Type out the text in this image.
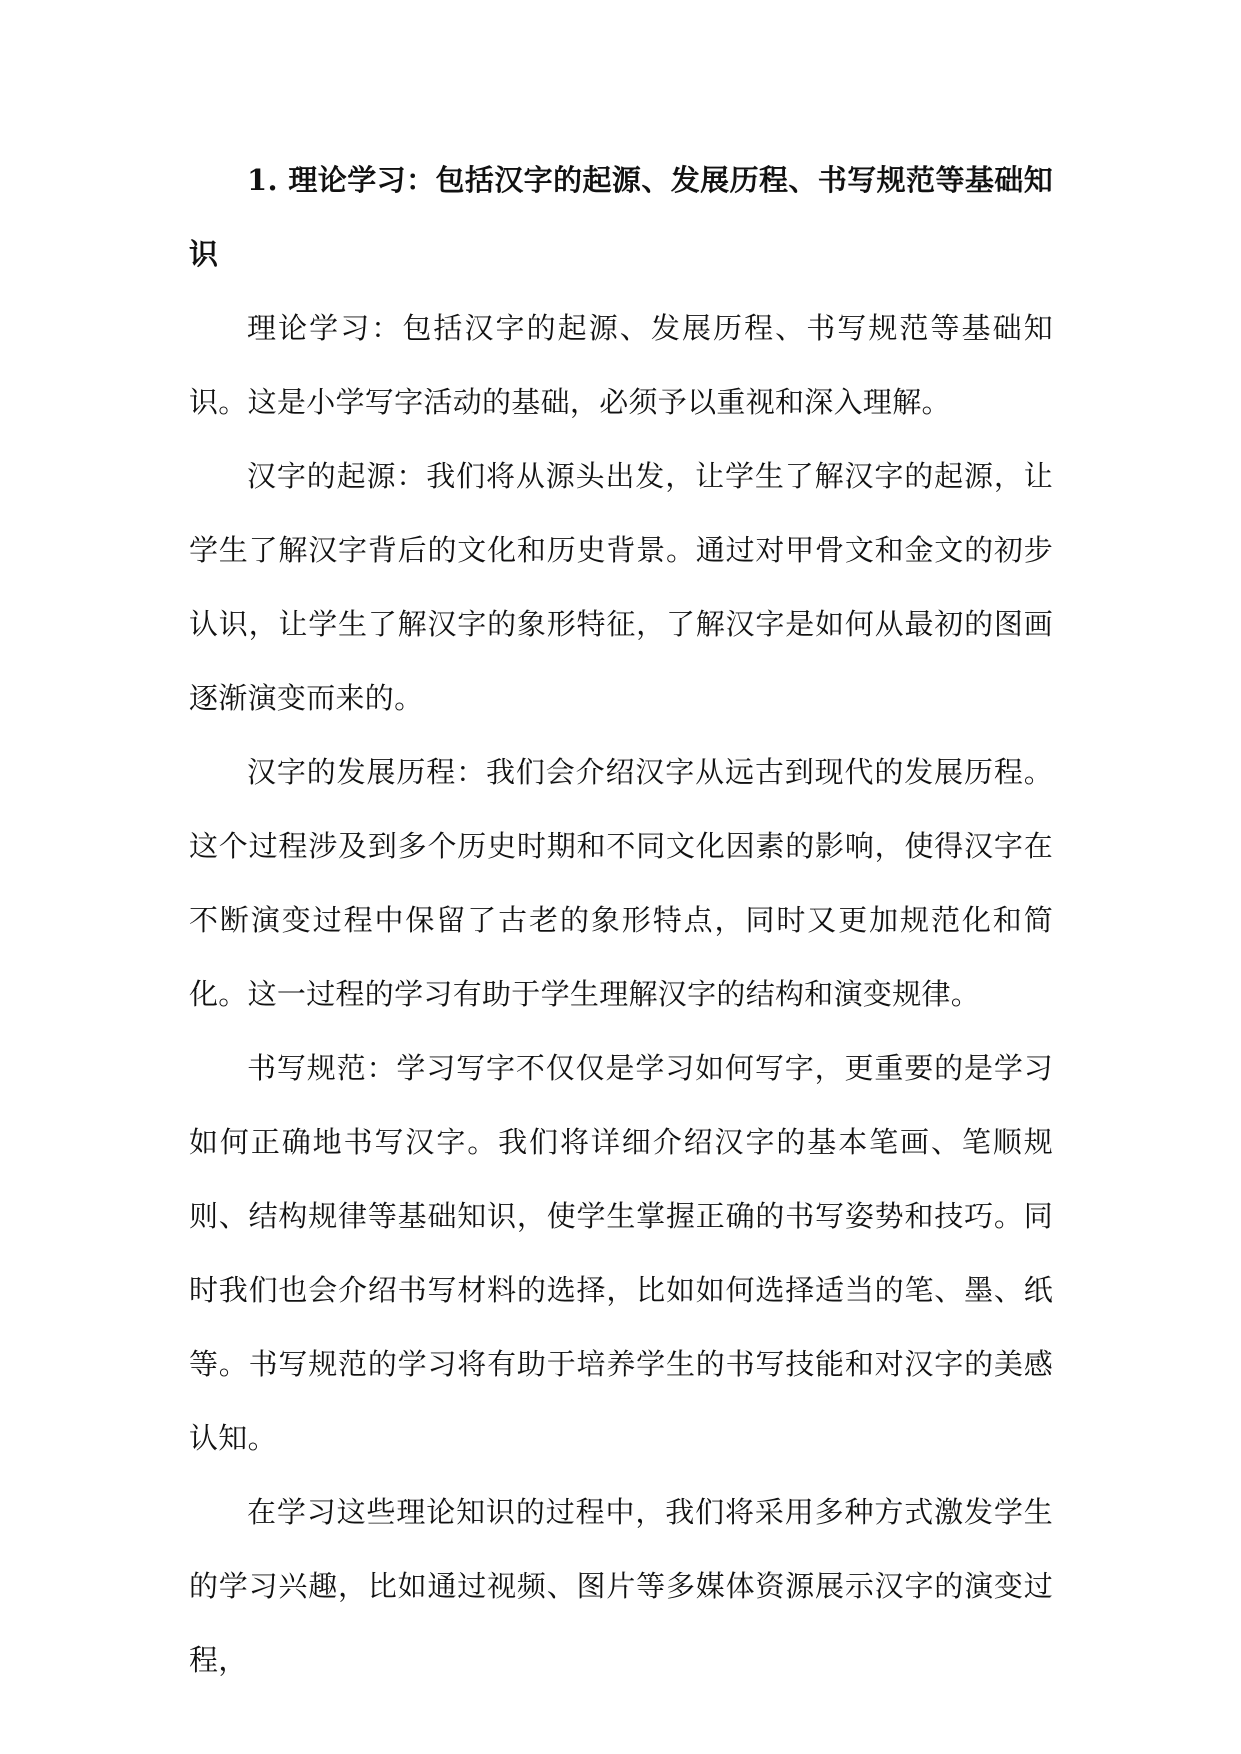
1. 理论学习：包括汉字的起源、发展历程、书写规范等基础知识

理论学习：包括汉字的起源、发展历程、书写规范等基础知识。这是小学写字活动的基础，必须予以重视和深入理解。

汉字的起源：我们将从源头出发，让学生了解汉字的起源，让学生了解汉字背后的文化和历史背景。通过对甲骨文和金文的初步认识，让学生了解汉字的象形特征，了解汉字是如何从最初的图画逐渐演变而来的。

汉字的发展历程：我们会介绍汉字从远古到现代的发展历程。这个过程涉及到多个历史时期和不同文化因素的影响，使得汉字在不断演变过程中保留了古老的象形特点，同时又更加规范化和简化。这一过程的学习有助于学生理解汉字的结构和演变规律。

书写规范：学习写字不仅仅是学习如何写字，更重要的是学习如何正确地书写汉字。我们将详细介绍汉字的基本笔画、笔顺规则、结构规律等基础知识，使学生掌握正确的书写姿势和技巧。同时我们也会介绍书写材料的选择，比如如何选择适当的笔、墨、纸等。书写规范的学习将有助于培养学生的书写技能和对汉字的美感认知。

在学习这些理论知识的过程中，我们将采用多种方式激发学生的学习兴趣，比如通过视频、图片等多媒体资源展示汉字的演变过程，
